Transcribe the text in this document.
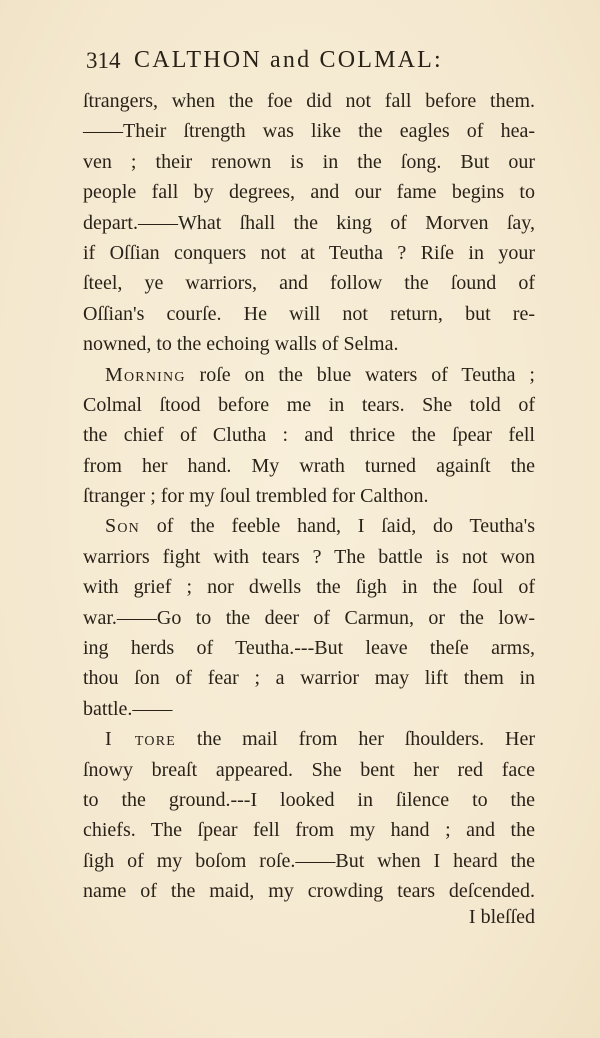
314 CALTHON and COLMAL:
ſtrangers, when the foe did not fall before them.
——Their ſtrength was like the eagles of hea-
ven ; their renown is in the ſong. But our
people fall by degrees, and our fame begins to
depart.——What ſhall the king of Morven ſay,
if Oſſian conquers not at Teutha ? Riſe in your
ſteel, ye warriors, and follow the ſound of
Oſſian's courſe. He will not return, but re-
nowned, to the echoing walls of Selma.
Morning roſe on the blue waters of Teutha ;
Colmal ſtood before me in tears. She told of
the chief of Clutha : and thrice the ſpear fell
from her hand. My wrath turned againſt the
ſtranger ; for my ſoul trembled for Calthon.
Son of the feeble hand, I ſaid, do Teutha's
warriors fight with tears ? The battle is not won
with grief ; nor dwells the ſigh in the ſoul of
war.——Go to the deer of Carmun, or the low-
ing herds of Teutha.---But leave theſe arms,
thou ſon of fear ; a warrior may lift them in
battle.——
I tore the mail from her ſhoulders. Her
ſnowy breaſt appeared. She bent her red face
to the ground.---I looked in ſilence to the
chiefs. The ſpear fell from my hand ; and the
ſigh of my boſom roſe.——But when I heard the
name of the maid, my crowding tears deſcended.
I bleſſed
